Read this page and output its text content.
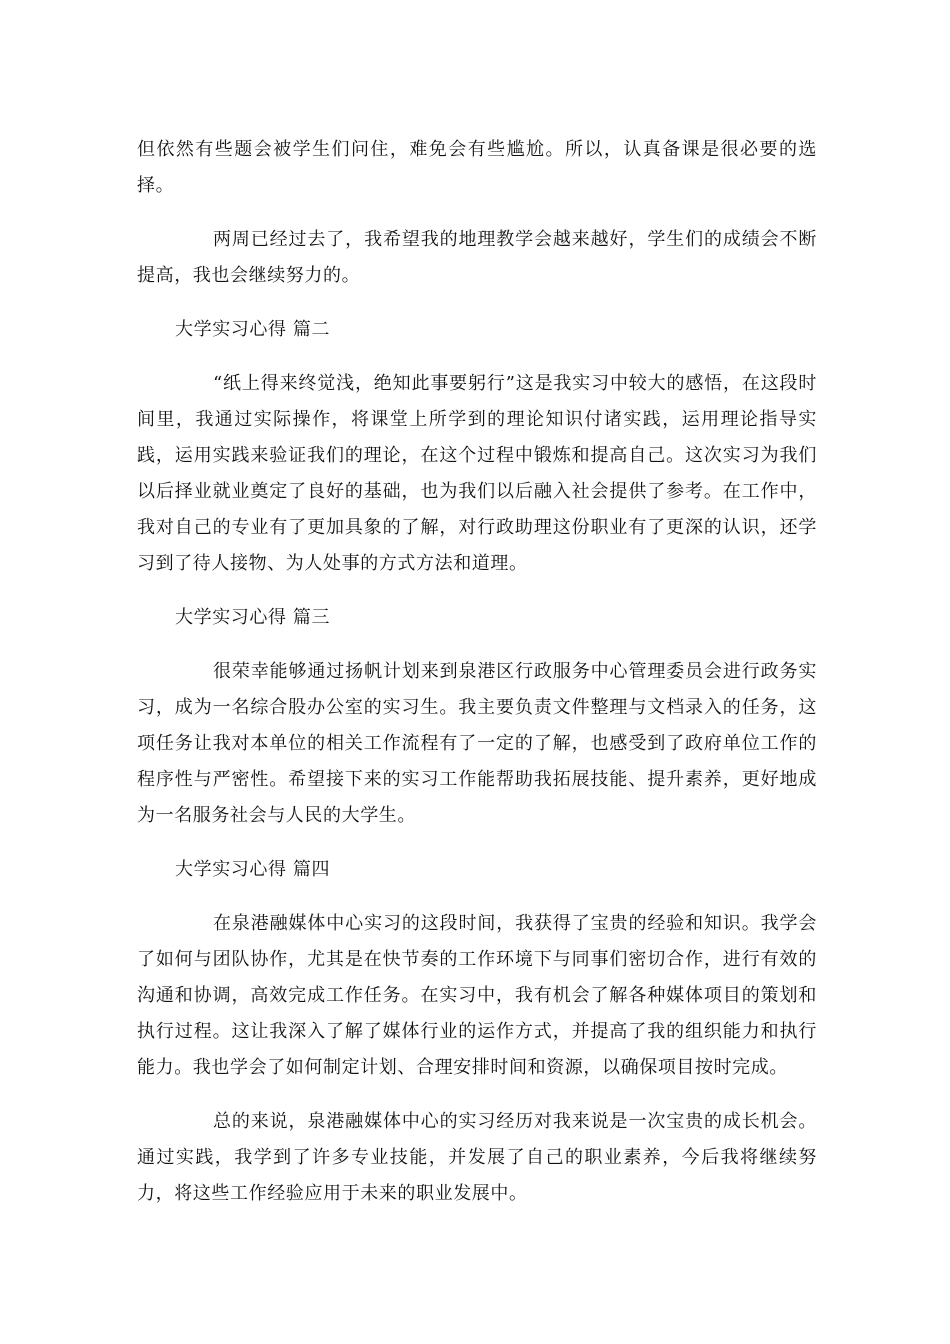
但依然有些题会被学生们问住，难免会有些尴尬。所以，认真备课是很必要的选择。

两周已经过去了，我希望我的地理教学会越来越好，学生们的成绩会不断提高，我也会继续努力的。

大学实习心得 篇二

“纸上得来终觉浅，绝知此事要躬行”这是我实习中较大的感悟，在这段时间里，我通过实际操作，将课堂上所学到的理论知识付诸实践，运用理论指导实践，运用实践来验证我们的理论，在这个过程中锻炼和提高自己。这次实习为我们以后择业就业奠定了良好的基础，也为我们以后融入社会提供了参考。在工作中，我对自己的专业有了更加具象的了解，对行政助理这份职业有了更深的认识，还学习到了待人接物、为人处事的方式方法和道理。

大学实习心得 篇三

很荣幸能够通过扬帆计划来到泉港区行政服务中心管理委员会进行政务实习，成为一名综合股办公室的实习生。我主要负责文件整理与文档录入的任务，这项任务让我对本单位的相关工作流程有了一定的了解，也感受到了政府单位工作的程序性与严密性。希望接下来的实习工作能帮助我拓展技能、提升素养，更好地成为一名服务社会与人民的大学生。

大学实习心得 篇四

在泉港融媒体中心实习的这段时间，我获得了宝贵的经验和知识。我学会了如何与团队协作，尤其是在快节奏的工作环境下与同事们密切合作，进行有效的沟通和协调，高效完成工作任务。在实习中，我有机会了解各种媒体项目的策划和执行过程。这让我深入了解了媒体行业的运作方式，并提高了我的组织能力和执行能力。我也学会了如何制定计划、合理安排时间和资源，以确保项目按时完成。

总的来说，泉港融媒体中心的实习经历对我来说是一次宝贵的成长机会。通过实践，我学到了许多专业技能，并发展了自己的职业素养，今后我将继续努力，将这些工作经验应用于未来的职业发展中。
